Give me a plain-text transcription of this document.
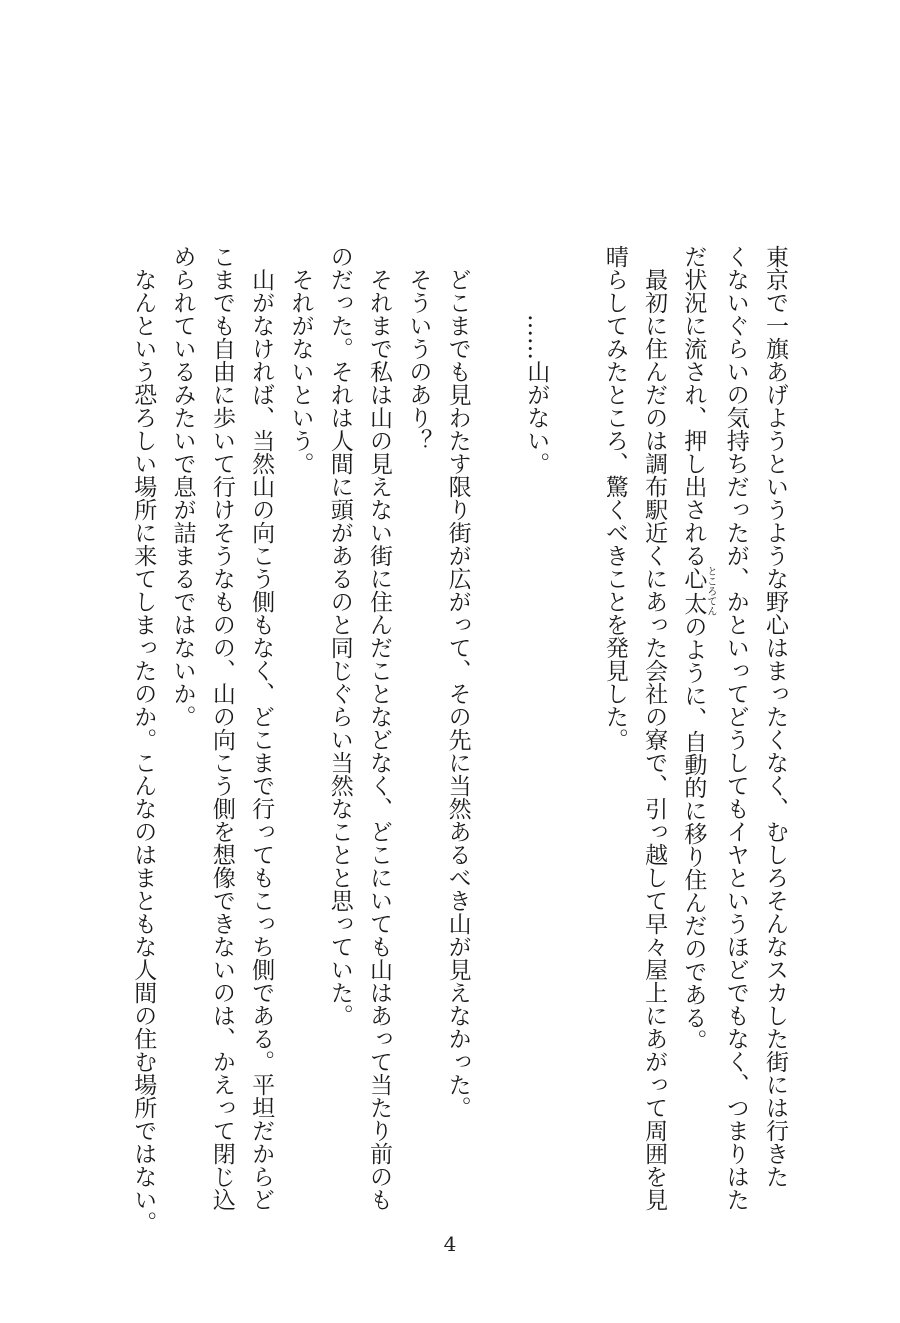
東京で一旗あげようというような野心はまったくなく、むしろそんなスカした街には行きた
くないぐらいの気持ちだったが、かといってどうしてもイヤというほどでもなく、つまりはた
だ状況に流され、押し出される心太ところてんのように、自動的に移り住んだのである。
最初に住んだのは調布駅近くにあった会社の寮で、引っ越して早々屋上にあがって周囲を見
晴らしてみたところ、驚くべきことを発見した。

……山がない。

どこまでも見わたす限り街が広がって、その先に当然あるべき山が見えなかった。
そういうのあり？
それまで私は山の見えない街に住んだことなどなく、どこにいても山はあって当たり前のも
のだった。それは人間に頭があるのと同じぐらい当然なことと思っていた。
それがないという。
山がなければ、当然山の向こう側もなく、どこまで行ってもこっち側である。平坦だからど
こまでも自由に歩いて行けそうなものの、山の向こう側を想像できないのは、かえって閉じ込
められているみたいで息が詰まるではないか。
なんという恐ろしい場所に来てしまったのか。こんなのはまともな人間の住む場所ではない。
4
